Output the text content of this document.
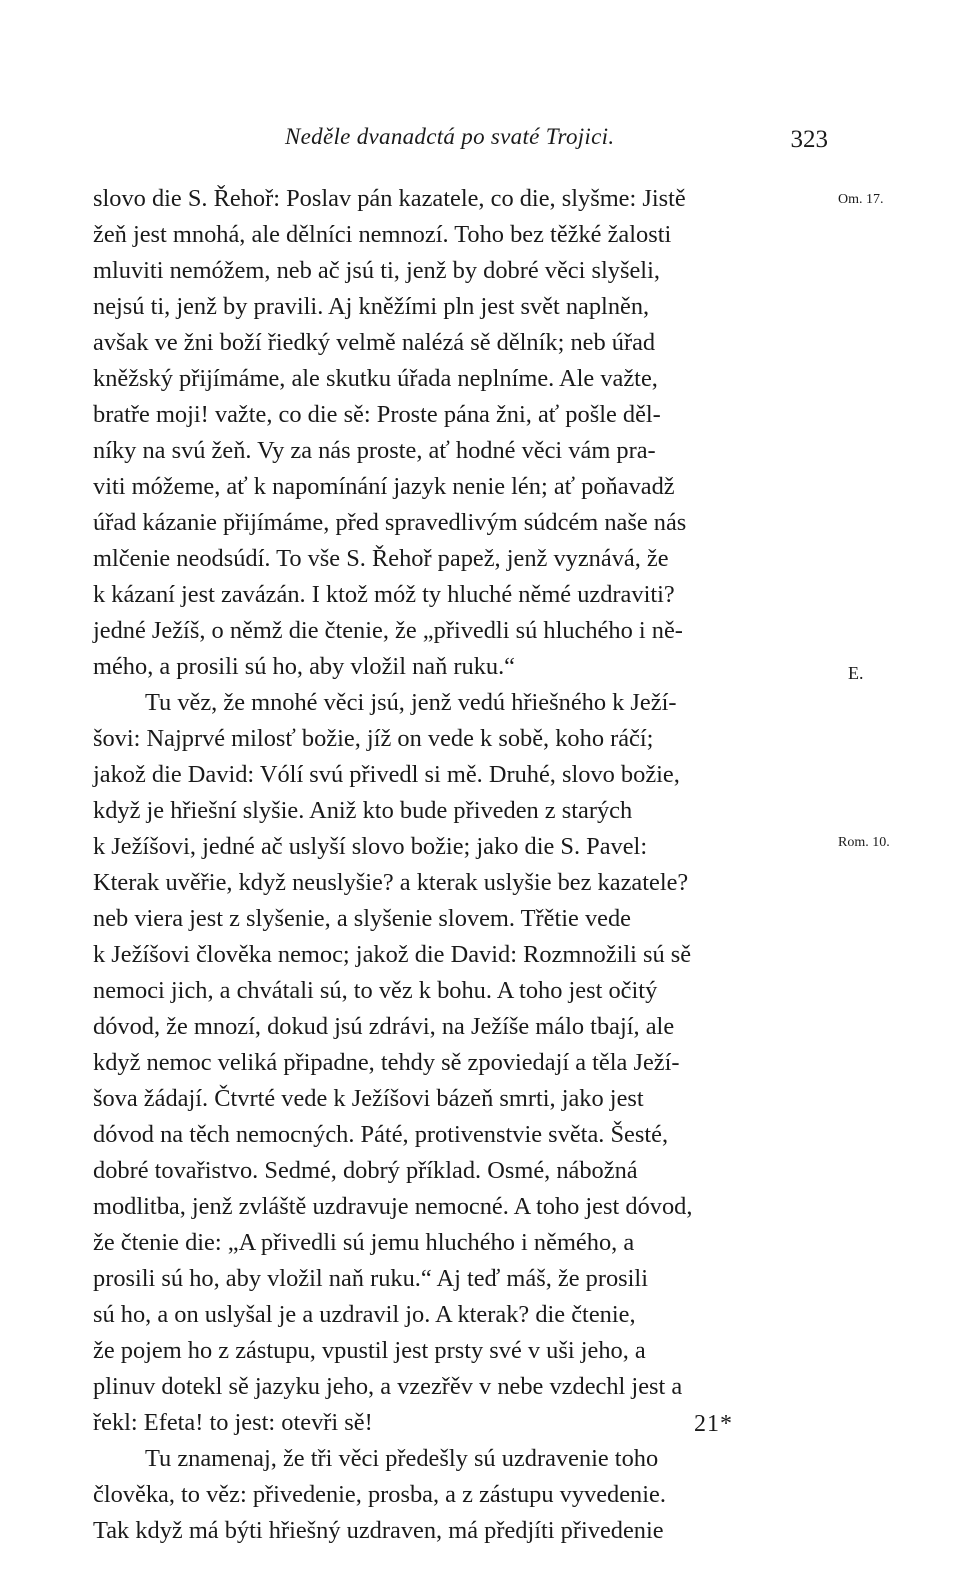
Neděle dvanadctá po svaté Trojici.	323
slovo die S. Řehoř: Poslav pán kazatele, co die, slyšme: Jistě
žeň jest mnohá, ale dělníci nemnozí. Toho bez těžké žalosti
mluviti nemóžem, neb ač jsú ti, jenž by dobré věci slyšeli,
nejsú ti, jenž by pravili. Aj kněžími pln jest svět naplněn,
avšak ve žni boží řiedký velmě nalézá sě dělník; neb úřad
kněžský přijímáme, ale skutku úřada neplníme. Ale važte,
bratře moji! važte, co die sě: Proste pána žni, ať pošle děl-
níky na svú žeň. Vy za nás proste, ať hodné věci vám pra-
viti móžeme, ať k napomínání jazyk nenie lén; ať poňavadž
úřad kázanie přijímáme, před spravedlivým súdcém naše nás
mlčenie neodsúdí. To vše S. Řehoř papež, jenž vyznává, že
k kázaní jest zavázán. I ktož móž ty hluché němé uzdraviti?
jedné Ježíš, o němž die čtenie, že „přivedli sú hluchého i ně-
mého, a prosili sú ho, aby vložil naň ruku.“
Tu věz, že mnohé věci jsú, jenž vedú hřiešného k Ježí-
šovi: Najprvé milosť božie, jíž on vede k sobě, koho ráčí;
jakož die David: Vólí svú přivedl si mě. Druhé, slovo božie,
když je hřiešní slyšie. Aniž kto bude přiveden z starých
k Ježíšovi, jedné ač uslyší slovo božie; jako die S. Pavel:
Kterak uvěřie, když neuslyšie? a kterak uslyšie bez kazatele?
neb viera jest z slyšenie, a slyšenie slovem. Třětie vede
k Ježíšovi člověka nemoc; jakož die David: Rozmnožili sú sě
nemoci jich, a chvátali sú, to věz k bohu. A toho jest očitý
dóvod, že mnozí, dokud jsú zdrávi, na Ježíše málo tbají, ale
když nemoc veliká připadne, tehdy sě zpoviedají a těla Ježí-
šova žádají. Čtvrté vede k Ježíšovi bázeň smrti, jako jest
dóvod na těch nemocných. Páté, protivenstvie světa. Šesté,
dobré tovařistvo. Sedmé, dobrý příklad. Osmé, nábožná
modlitba, jenž zvláště uzdravuje nemocné. A toho jest dóvod,
že čtenie die: „A přivedli sú jemu hluchého i němého, a
prosili sú ho, aby vložil naň ruku.“ Aj teď máš, že prosili
sú ho, a on uslyšal je a uzdravil jo. A kterak? die čtenie,
že pojem ho z zástupu, vpustil jest prsty své v uši jeho, a
plinuv dotekl sě jazyku jeho, a vzezřěv v nebe vzdechl jest a
řekl: Efeta! to jest: otevři sě!
Tu znamenaj, že tři věci předešly sú uzdravenie toho
člověka, to věz: přivedenie, prosba, a z zástupu vyvedenie.
Tak když má býti hřiešný uzdraven, má předjíti přivedenie
Om. 17.
E.
Rom. 10.
21*
